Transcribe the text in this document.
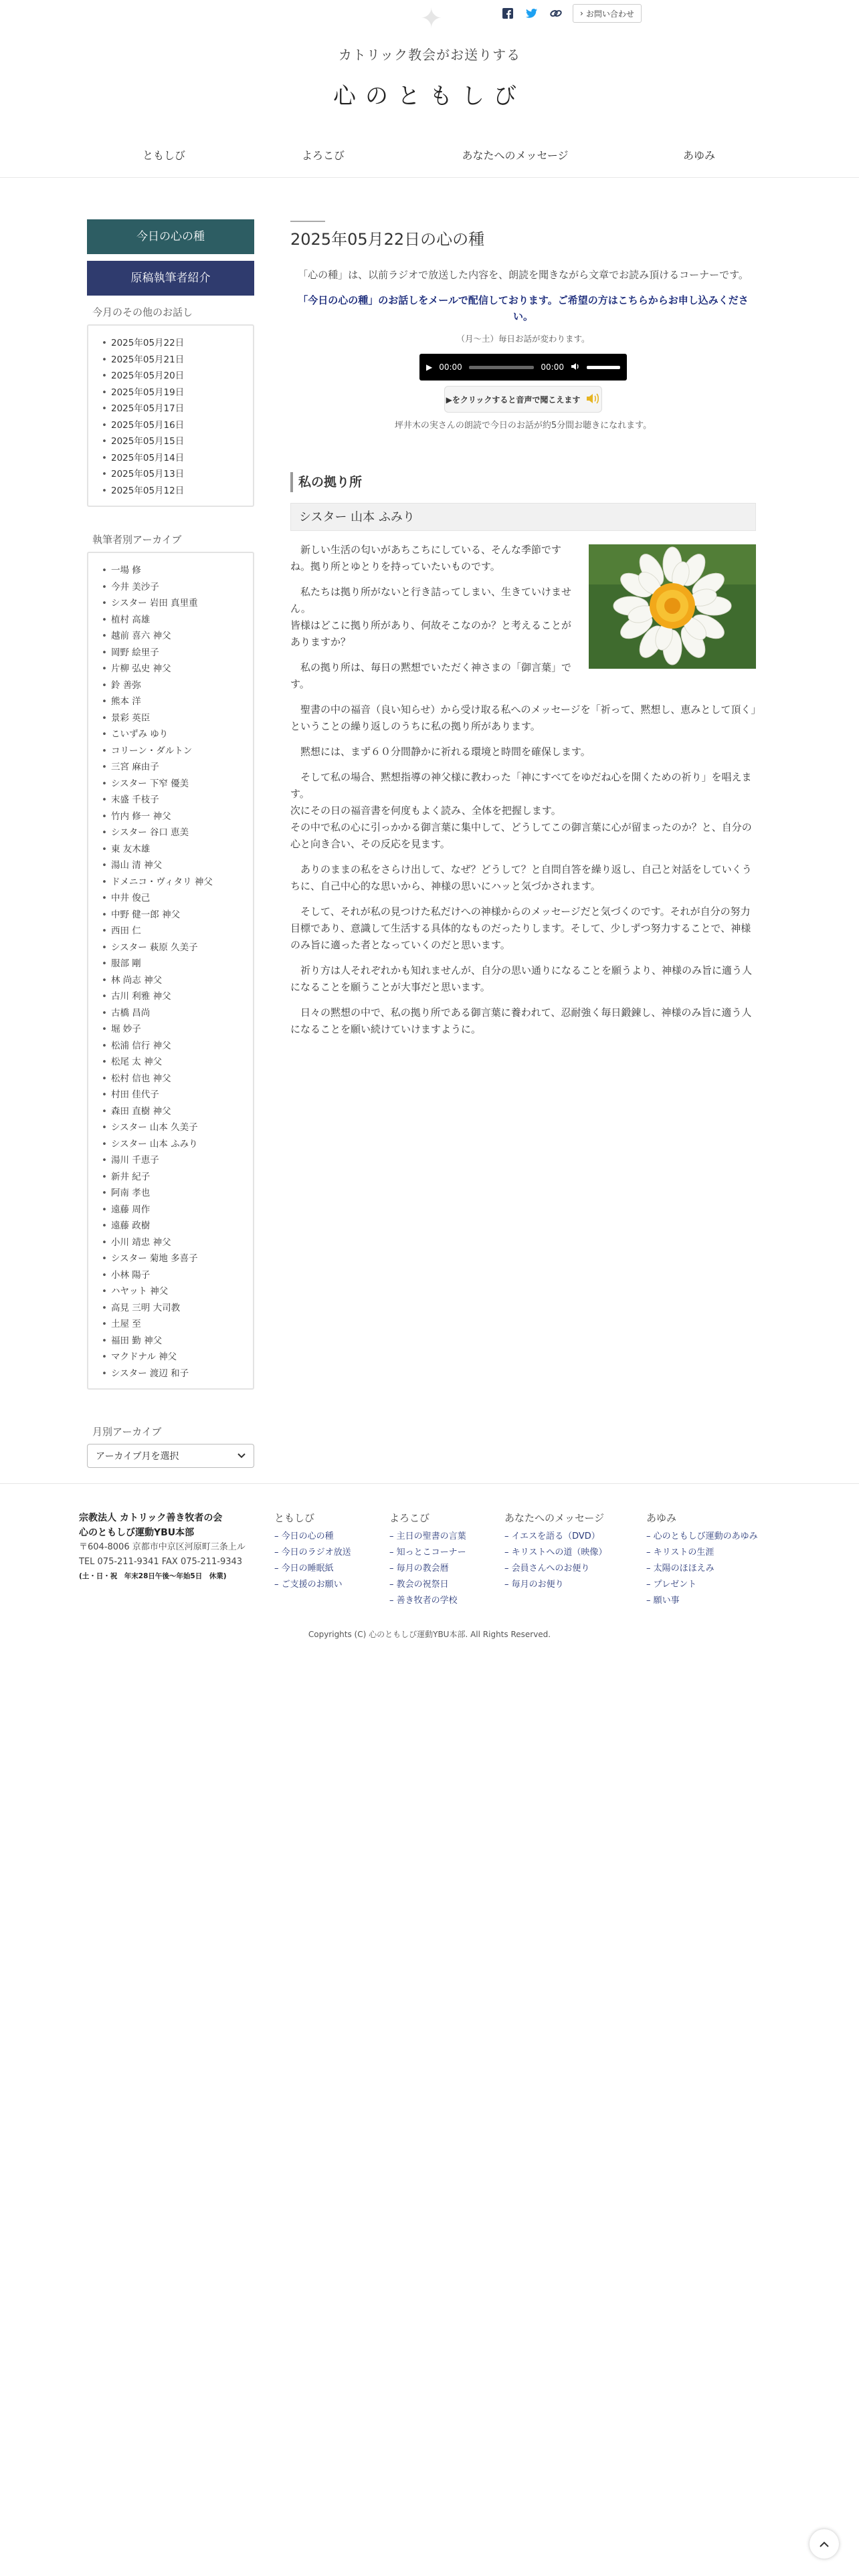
✦	› お問い合わせ
カトリック教会がお送りする
心のともしび
ともしび	よろこび	あなたへのメッセージ	あゆみ
今日の心の種
原稿執筆者紹介
今月のその他のお話し
• 2025年05月22日
• 2025年05月21日
• 2025年05月20日
• 2025年05月19日
• 2025年05月17日
• 2025年05月16日
• 2025年05月15日
• 2025年05月14日
• 2025年05月13日
• 2025年05月12日
執筆者別アーカイブ
• 一場 修
• 今井 美沙子
• シスター 岩田 真里重
• 植村 高雄
• 越前 喜六 神父
• 岡野 絵里子
• 片柳 弘史 神父
• 鈴 善弥
• 熊本 洋
• 景彩 英臣
• こいずみ ゆり
• コリーン・ダルトン
• 三宮 麻由子
• シスター 下窄 優美
• 末盛 千枝子
• 竹内 修一 神父
• シスター 谷口 恵美
• 東 友木雄
• 湯山 清 神父
• ドメニコ・ヴィタリ 神父
• 中井 俊己
• 中野 健一郎 神父
• 西田 仁
• シスター 萩原 久美子
• 服部 剛
• 林 尚志 神父
• 古川 利雅 神父
• 古橋 昌尚
• 堀 妙子
• 松浦 信行 神父
• 松尾 太 神父
• 松村 信也 神父
• 村田 佳代子
• 森田 直樹 神父
• シスター 山本 久美子
• シスター 山本 ふみり
• 湯川 千恵子
• 新井 紀子
• 阿南 孝也
• 遠藤 周作
• 遠藤 政樹
• 小川 靖忠 神父
• シスター 菊地 多喜子
• 小林 陽子
• ハヤット 神父
• 高見 三明 大司教
• 土屋 至
• 福田 勤 神父
• マクドナル 神父
• シスター 渡辺 和子
月別アーカイブ
アーカイブ月を選択
2025年05月22日の心の種

「心の種」は、以前ラジオで放送した内容を、朗読を聞きながら文章でお読み頂けるコーナーです。

「今日の心の種」のお話しをメールで配信しております。ご希望の方はこちらからお申し込みください。

（月〜土）毎日お話が変わります。

▶ 00:00	00:00
▶をクリックすると音声で聞こえます

坪井木の実さんの朗読で今日のお話が約5分間お聴きになれます。

私の拠り所
シスター 山本 ふみり

新しい生活の匂いがあちこちにしている、そんな季節ですね。拠り所とゆとりを持っていたいものです。

私たちは拠り所がないと行き詰ってしまい、生きていけません。
皆様はどこに拠り所があり、何故そこなのか？と考えることがありますか？

私の拠り所は、毎日の黙想でいただく神さまの「御言葉」です。

聖書の中の福音（良い知らせ）から受け取る私へのメッセージを「祈って、黙想し、恵みとして頂く」ということの繰り返しのうちに私の拠り所があります。

黙想には、まず６０分間静かに祈れる環境と時間を確保します。

そして私の場合、黙想指導の神父様に教わった「神にすべてをゆだね心を開くための祈り」を唱えます。
次にその日の福音書を何度もよく読み、全体を把握します。
その中で私の心に引っかかる御言葉に集中して、どうしてこの御言葉に心が留まったのか？と、自分の心と向き合い、その反応を見ます。

ありのままの私をさらけ出して、なぜ？どうして？と自問自答を繰り返し、自己と対話をしていくうちに、自己中心的な思いから、神様の思いにハッと気づかされます。

そして、それが私の見つけた私だけへの神様からのメッセージだと気づくのです。それが自分の努力目標であり、意識して生活する具体的なものだったりします。そして、少しずつ努力することで、神様のみ旨に適った者となっていくのだと思います。

祈り方は人それぞれかも知れませんが、自分の思い通りになることを願うより、神様のみ旨に適う人になることを願うことが大事だと思います。

日々の黙想の中で、私の拠り所である御言葉に養われて、忍耐強く毎日鍛錬し、神様のみ旨に適う人になることを願い続けていけますように。

宗教法人 カトリック善き牧者の会
心のともしび運動YBU本部
〒604-8006 京都市中京区河原町三条上ル
TEL 075-211-9341 FAX 075-211-9343
(土・日・祝　年末28日午後〜年始5日　休業)
ともしび
– 今日の心の種
– 今日のラジオ放送
– 今日の睡眠紙
– ご支援のお願い
よろこび
– 主日の聖書の言葉
– 知っとこコーナー
– 毎月の教会暦
– 教会の祝祭日
– 善き牧者の学校
あなたへのメッセージ
– イエスを語る（DVD）
– キリストへの道（映像）
– 会員さんへのお便り
– 毎月のお便り
あゆみ
– 心のともしび運動のあゆみ
– キリストの生涯
– 太陽のほほえみ
– プレゼント
– 願い事
Copyrights (C) 心のともしび運動YBU本部. All Rights Reserved.
